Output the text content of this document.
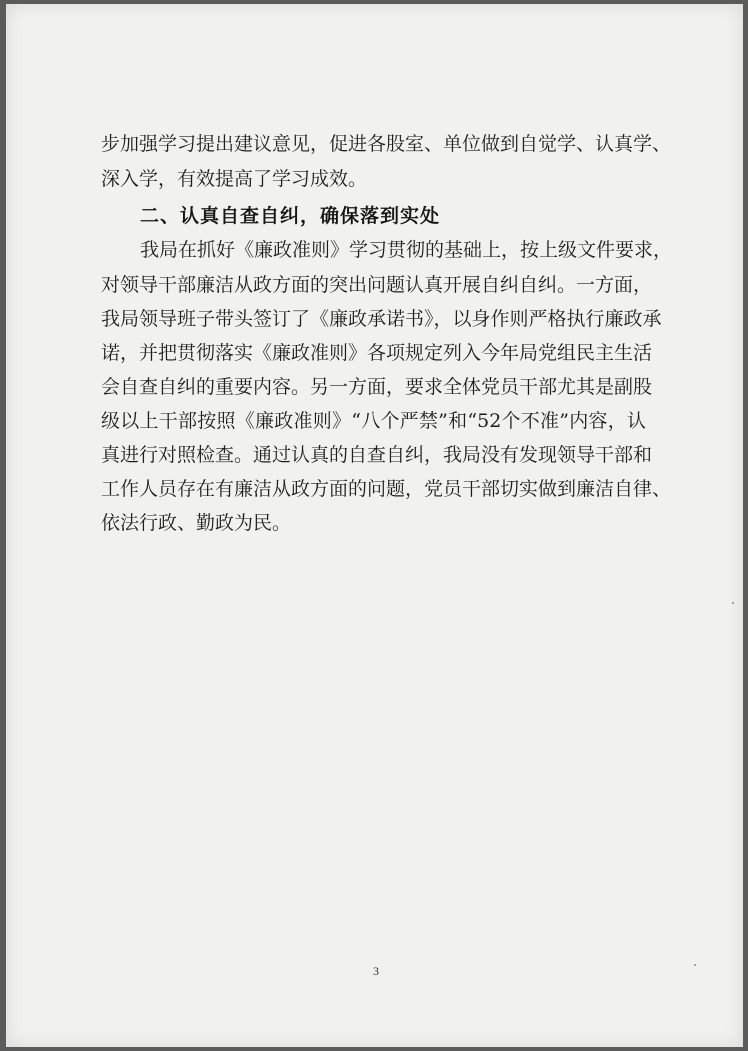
步加强学习提出建议意见，促进各股室、单位做到自觉学、认真学、
深入学，有效提高了学习成效。
二、认真自查自纠，确保落到实处
我局在抓好《廉政准则》学习贯彻的基础上，按上级文件要求，
对领导干部廉洁从政方面的突出问题认真开展自纠自纠。一方面，
我局领导班子带头签订了《廉政承诺书》，以身作则严格执行廉政承
诺，并把贯彻落实《廉政准则》各项规定列入今年局党组民主生活
会自查自纠的重要内容。另一方面，要求全体党员干部尤其是副股
级以上干部按照《廉政准则》“八个严禁”和“52个不准”内容，认
真进行对照检查。通过认真的自查自纠，我局没有发现领导干部和
工作人员存在有廉洁从政方面的问题，党员干部切实做到廉洁自律、
依法行政、勤政为民。
3
